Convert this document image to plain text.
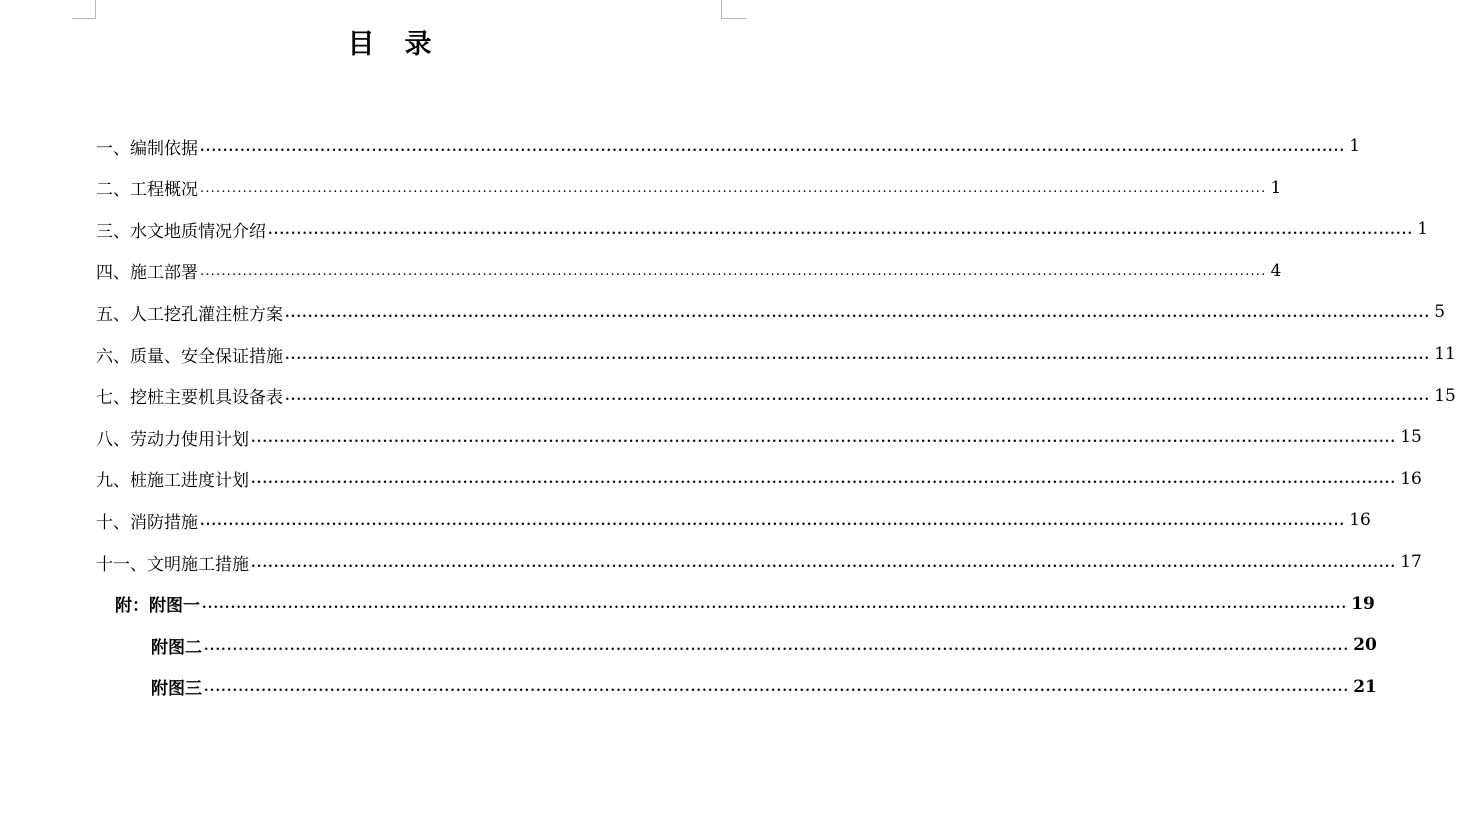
目 录
一、编制依据 ........................................................................................................................................................................................................ 1
二、工程概况 ........................................................................................................................................................................................................ 1
三、水文地质情况介绍 ........................................................................................................................................................................................................ 1
四、施工部署 ........................................................................................................................................................................................................ 4
五、人工挖孔灌注桩方案 ........................................................................................................................................................................................................ 5
六、质量、安全保证措施 ........................................................................................................................................................................................................ 11
七、挖桩主要机具设备表 ........................................................................................................................................................................................................ 15
八、劳动力使用计划 ........................................................................................................................................................................................................ 15
九、桩施工进度计划 ........................................................................................................................................................................................................ 16
十、消防措施 ........................................................................................................................................................................................................ 16
十一、文明施工措施 ........................................................................................................................................................................................................ 17
附：附图一 ........................................................................................................................................................................................................ 19
附图二 ........................................................................................................................................................................................................ 20
附图三 ........................................................................................................................................................................................................ 21
